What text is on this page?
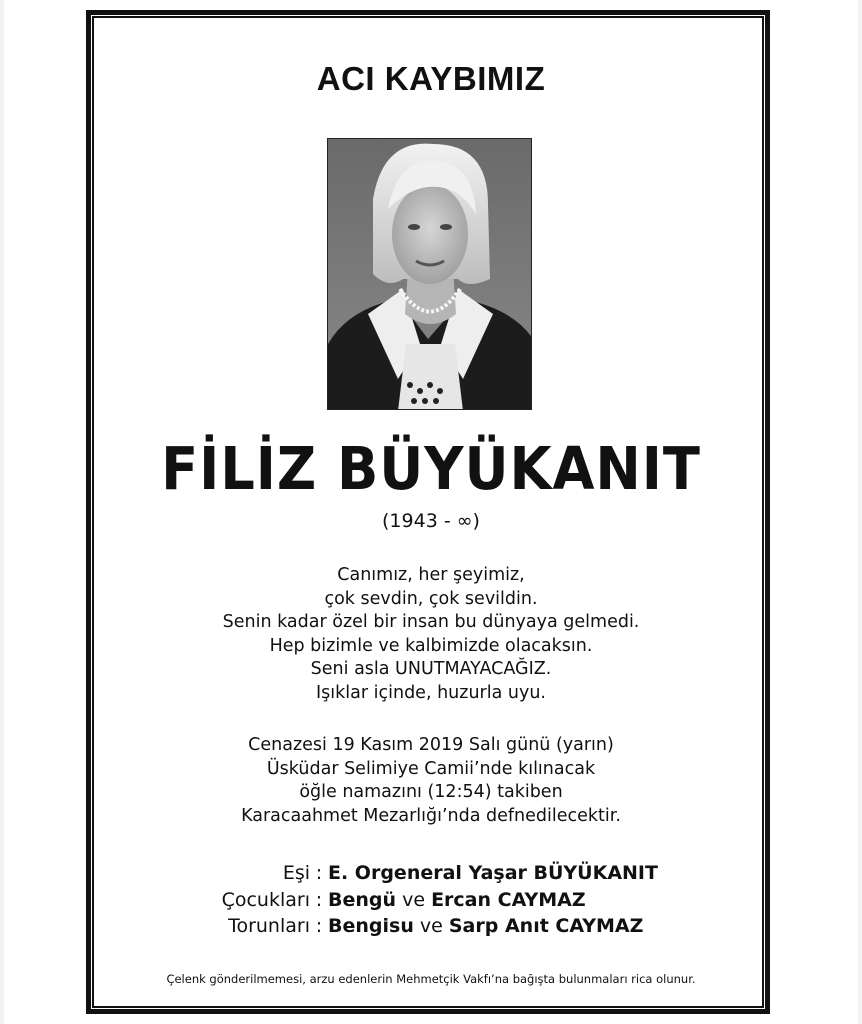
ACI KAYBIMIZ
FİLİZ BÜYÜKANIT
(1943 - ∞)
Canımız, her şeyimiz,
çok sevdin, çok sevildin.
Senin kadar özel bir insan bu dünyaya gelmedi.
Hep bizimle ve kalbimizde olacaksın.
Seni asla UNUTMAYACAĞIZ.
Işıklar içinde, huzurla uyu.
Cenazesi 19 Kasım 2019 Salı günü (yarın)
Üsküdar Selimiye Camii’nde kılınacak
öğle namazını (12:54) takiben
Karacaahmet Mezarlığı’nda defnedilecektir.
Eşi : E. Orgeneral Yaşar BÜYÜKANIT
Çocukları : Bengü ve Ercan CAYMAZ
Torunları : Bengisu ve Sarp Anıt CAYMAZ
Çelenk gönderilmemesi, arzu edenlerin Mehmetçik Vakfı’na bağışta bulunmaları rica olunur.
